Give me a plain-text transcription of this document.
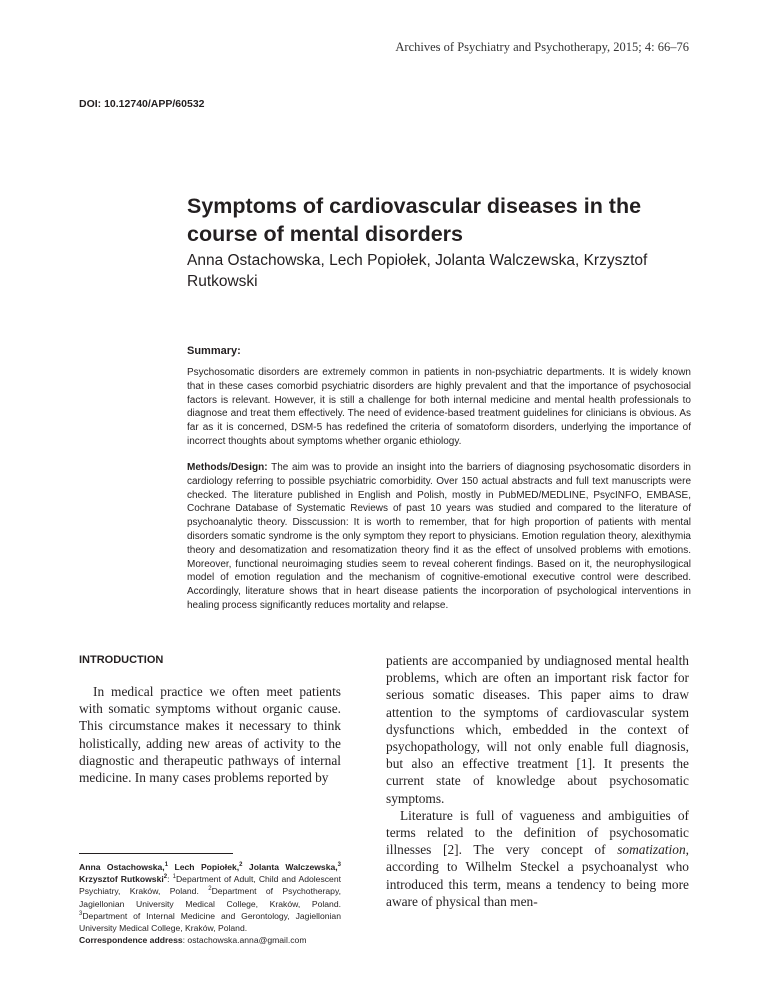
Archives of Psychiatry and Psychotherapy, 2015; 4: 66–76
DOI: 10.12740/APP/60532
Symptoms of cardiovascular diseases in the course of mental disorders
Anna Ostachowska, Lech Popiołek, Jolanta Walczewska, Krzysztof Rutkowski
Summary:

Psychosomatic disorders are extremely common in patients in non-psychiatric departments. It is widely known that in these cases comorbid psychiatric disorders are highly prevalent and that the importance of psychosocial factors is relevant. However, it is still a challenge for both internal medicine and mental health professionals to diagnose and treat them effectively. The need of evidence-based treatment guidelines for clinicians is obvious. As far as it is concerned, DSM-5 has redefined the criteria of somatoform disorders, underlying the importance of incorrect thoughts about symptoms whether organic ethiology.

Methods/Design: The aim was to provide an insight into the barriers of diagnosing psychosomatic disorders in cardiology referring to possible psychiatric comorbidity. Over 150 actual abstracts and full text manuscripts were checked. The literature published in English and Polish, mostly in PubMED/MEDLINE, PsycINFO, EMBASE, Cochrane Database of Systematic Reviews of past 10 years was studied and compared to the literature of psychoanalytic theory. Disscussion: It is worth to remember, that for high proportion of patients with mental disorders somatic syndrome is the only symptom they report to physicians. Emotion regulation theory, alexithymia theory and desomatization and resomatization theory find it as the effect of unsolved problems with emotions. Moreover, functional neuroimaging studies seem to reveal coherent findings. Based on it, the neurophysilogical model of emotion regulation and the mechanism of cognitive-emotional executive control were described. Accordingly, literature shows that in heart disease patients the incorporation of psychological interventions in healing process significantly reduces mortality and relapse.

INTRODUCTION

In medical practice we often meet patients with somatic symptoms without organic cause. This circumstance makes it necessary to think holistically, adding new areas of activity to the diagnostic and therapeutic pathways of internal medicine. In many cases problems reported by

patients are accompanied by undiagnosed mental health problems, which are often an important risk factor for serious somatic diseases. This paper aims to draw attention to the symptoms of cardiovascular system dysfunctions which, embedded in the context of psychopathology, will not only enable full diagnosis, but also an effective treatment [1]. It presents the current state of knowledge about psychosomatic symptoms.

Literature is full of vagueness and ambiguities of terms related to the definition of psychosomatic illnesses [2]. The very concept of somatization, according to Wilhelm Steckel a psychoanalyst who introduced this term, means a tendency to being more aware of physical than men-

Anna Ostachowska,$^1$ Lech Popiołek,$^2$ Jolanta Walczewska,$^3$ Krzysztof Rutkowski$^2$: $^1$Department of Adult, Child and Adolescent Psychiatry, Kraków, Poland. $^2$Department of Psychotherapy, Jagiellonian University Medical College, Kraków, Poland. $^3$Department of Internal Medicine and Gerontology, Jagiellonian University Medical College, Kraków, Poland.
Correspondence address: ostachowska.anna@gmail.com
